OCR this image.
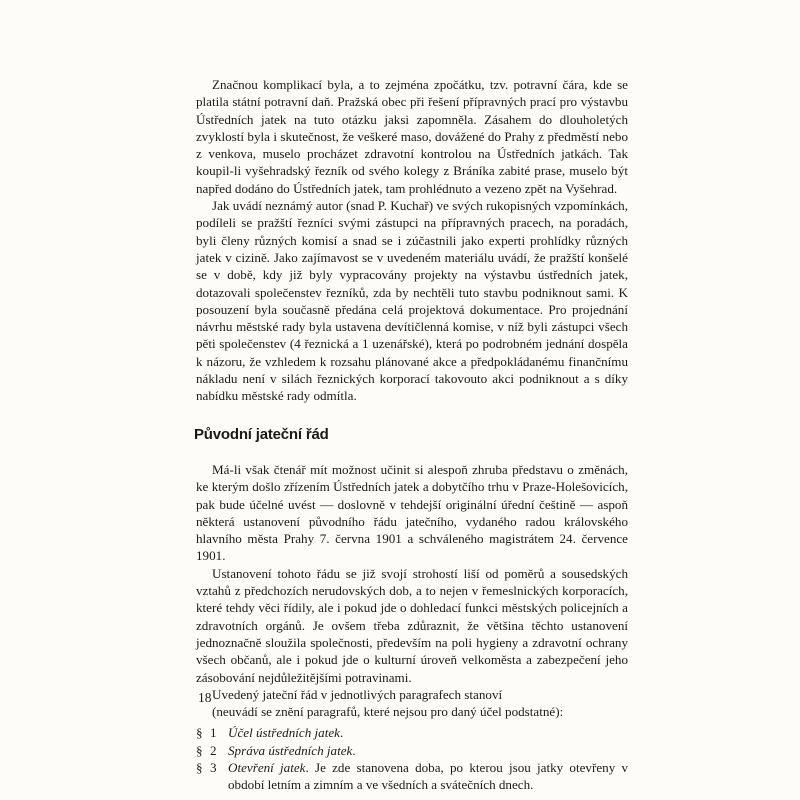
Značnou komplikací byla, a to zejména zpočátku, tzv. potravní čára, kde se platila státní potravní daň. Pražská obec při řešení přípravných prací pro výstavbu Ústředních jatek na tuto otázku jaksi zapomněla. Zásahem do dlouholetých zvyklostí byla i skutečnost, že veškeré maso, dovážené do Prahy z předměstí nebo z venkova, muselo procházet zdravotní kontrolou na Ústředních jatkách. Tak koupil-li vyšehradský řezník od svého kolegy z Bráníka zabité prase, muselo být napřed dodáno do Ústředních jatek, tam prohlédnuto a vezeno zpět na Vyšehrad.

Jak uvádí neznámý autor (snad P. Kuchař) ve svých rukopisných vzpomínkách, podíleli se pražští řezníci svými zástupci na přípravných pracech, na poradách, byli členy různých komisí a snad se i zúčastnili jako experti prohlídky různých jatek v cizině. Jako zajímavost se v uvedeném materiálu uvádí, že pražští konšelé se v době, kdy již byly vypracovány projekty na výstavbu ústředních jatek, dotazovali společenstev řezníků, zda by nechtěli tuto stavbu podniknout sami. K posouzení byla současně předána celá projektová dokumentace. Pro projednání návrhu městské rady byla ustavena devítičlenná komise, v níž byli zástupci všech pěti společenstev (4 řeznická a 1 uzenářské), která po podrobném jednání dospěla k názoru, že vzhledem k rozsahu plánované akce a předpokládanému finančnímu nákladu není v silách řeznických korporací takovouto akci podniknout a s díky nabídku městské rady odmítla.

Původní jateční řád

Má-li však čtenář mít možnost učinit si alespoň zhruba představu o změnách, ke kterým došlo zřízením Ústředních jatek a dobytčího trhu v Praze-Holešovicích, pak bude účelné uvést — doslovně v tehdejší originální úřední češtině — aspoň některá ustanovení původního řádu jatečního, vydaného radou královského hlavního města Prahy 7. června 1901 a schváleného magistrátem 24. července 1901.

Ustanovení tohoto řádu se již svojí strohostí liší od poměrů a sousedských vztahů z předchozích nerudovských dob, a to nejen v řemeslnických korporacích, které tehdy věci řídily, ale i pokud jde o dohledací funkci městských policejních a zdravotních orgánů. Je ovšem třeba zdůraznit, že většina těchto ustanovení jednoznačně sloužila společnosti, především na poli hygieny a zdravotní ochrany všech občanů, ale i pokud jde o kulturní úroveň velkoměsta a zabezpečení jeho zásobování nejdůležitějšími potravinami.

Uvedený jateční řád v jednotlivých paragrafech stanoví

(neuvádí se znění paragrafů, které nejsou pro daný účel podstatné):

§ 1 Účel ústředních jatek.
§ 2 Správa ústředních jatek.
§ 3 Otevření jatek. Je zde stanovena doba, po kterou jsou jatky otevřeny v období letním a zimním a ve všedních a svátečních dnech.
18
